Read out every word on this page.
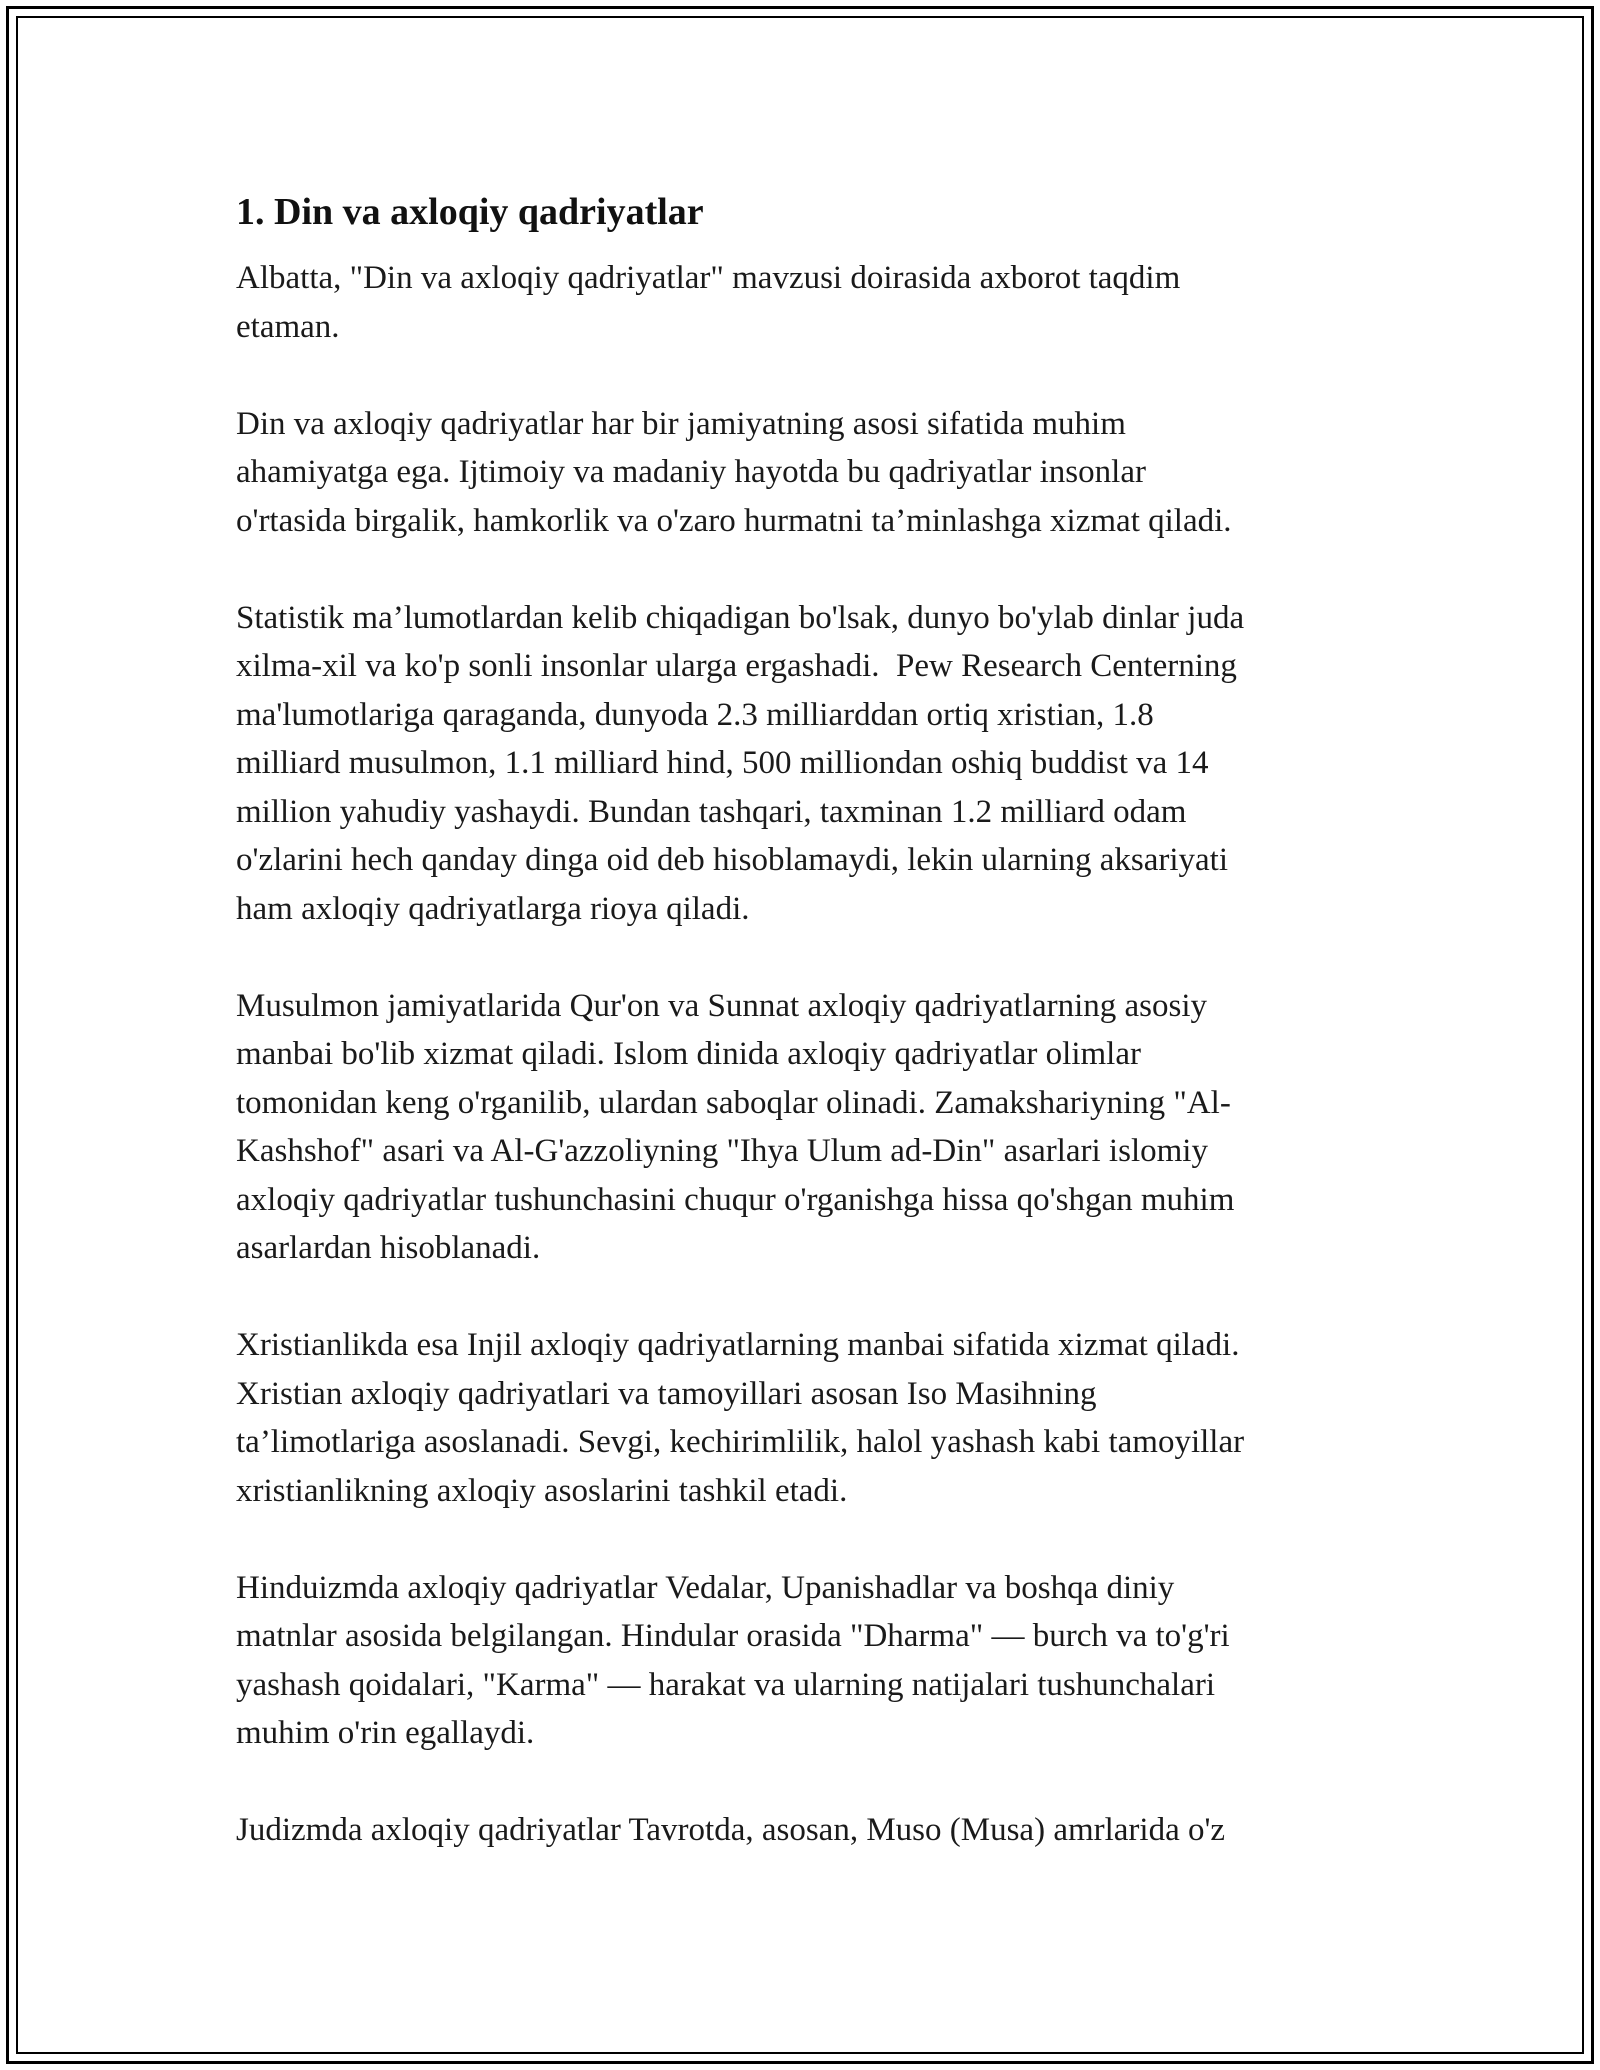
1. Din va axloqiy qadriyatlar

Albatta, "Din va axloqiy qadriyatlar" mavzusi doirasida axborot taqdim
etaman.

Din va axloqiy qadriyatlar har bir jamiyatning asosi sifatida muhim
ahamiyatga ega. Ijtimoiy va madaniy hayotda bu qadriyatlar insonlar
o'rtasida birgalik, hamkorlik va o'zaro hurmatni ta’minlashga xizmat qiladi.

Statistik ma’lumotlardan kelib chiqadigan bo'lsak, dunyo bo'ylab dinlar juda
xilma-xil va ko'p sonli insonlar ularga ergashadi.  Pew Research Centerning
ma'lumotlariga qaraganda, dunyoda 2.3 milliarddan ortiq xristian, 1.8
milliard musulmon, 1.1 milliard hind, 500 milliondan oshiq buddist va 14
million yahudiy yashaydi. Bundan tashqari, taxminan 1.2 milliard odam
o'zlarini hech qanday dinga oid deb hisoblamaydi, lekin ularning aksariyati
ham axloqiy qadriyatlarga rioya qiladi.

Musulmon jamiyatlarida Qur'on va Sunnat axloqiy qadriyatlarning asosiy
manbai bo'lib xizmat qiladi. Islom dinida axloqiy qadriyatlar olimlar
tomonidan keng o'rganilib, ulardan saboqlar olinadi. Zamakshariyning "Al-
Kashshof" asari va Al-G'azzoliyning "Ihya Ulum ad-Din" asarlari islomiy
axloqiy qadriyatlar tushunchasini chuqur o'rganishga hissa qo'shgan muhim
asarlardan hisoblanadi.

Xristianlikda esa Injil axloqiy qadriyatlarning manbai sifatida xizmat qiladi.
Xristian axloqiy qadriyatlari va tamoyillari asosan Iso Masihning
ta’limotlariga asoslanadi. Sevgi, kechirimlilik, halol yashash kabi tamoyillar
xristianlikning axloqiy asoslarini tashkil etadi.

Hinduizmda axloqiy qadriyatlar Vedalar, Upanishadlar va boshqa diniy
matnlar asosida belgilangan. Hindular orasida "Dharma" — burch va to'g'ri
yashash qoidalari, "Karma" — harakat va ularning natijalari tushunchalari
muhim o'rin egallaydi.

Judizmda axloqiy qadriyatlar Tavrotda, asosan, Muso (Musa) amrlarida o'z
